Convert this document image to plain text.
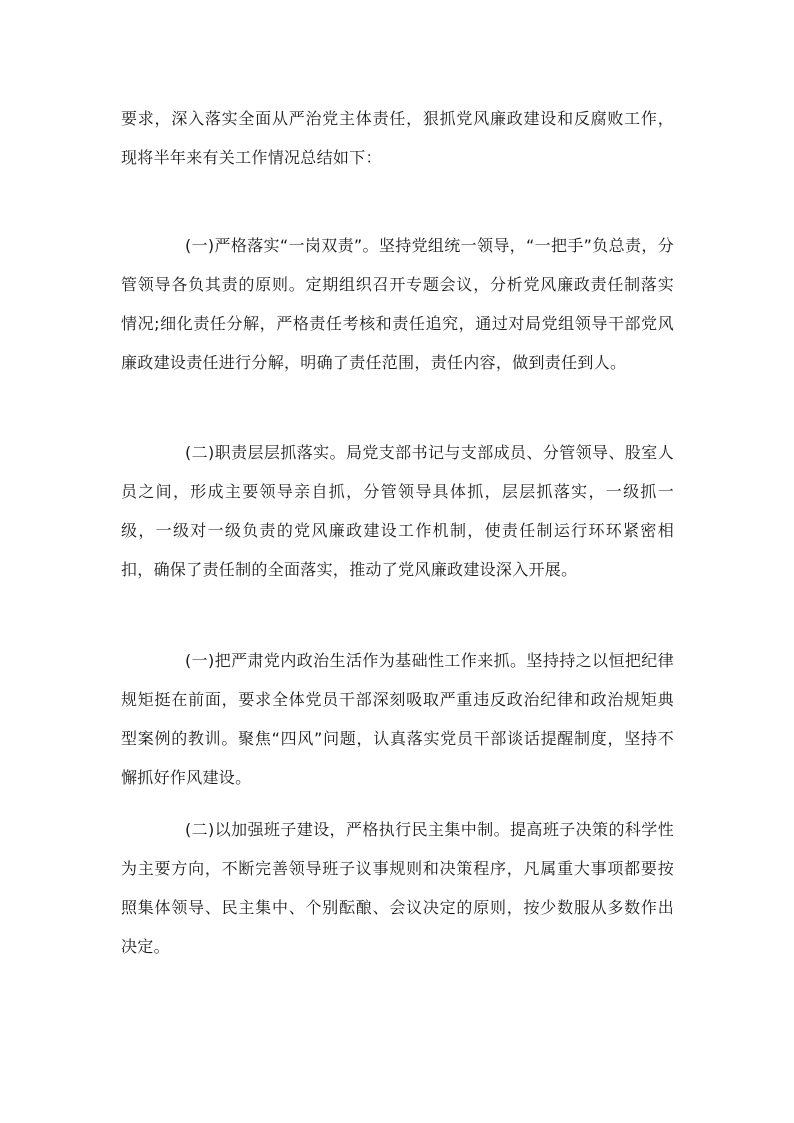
要求，深入落实全面从严治党主体责任，狠抓党风廉政建设和反腐败工作，现将半年来有关工作情况总结如下：

(一)严格落实“一岗双责”。坚持党组统一领导，“一把手”负总责，分管领导各负其责的原则。定期组织召开专题会议，分析党风廉政责任制落实情况;细化责任分解，严格责任考核和责任追究，通过对局党组领导干部党风廉政建设责任进行分解，明确了责任范围，责任内容，做到责任到人。

(二)职责层层抓落实。局党支部书记与支部成员、分管领导、股室人员之间，形成主要领导亲自抓，分管领导具体抓，层层抓落实，一级抓一级，一级对一级负责的党风廉政建设工作机制，使责任制运行环环紧密相扣，确保了责任制的全面落实，推动了党风廉政建设深入开展。

(一)把严肃党内政治生活作为基础性工作来抓。坚持持之以恒把纪律规矩挺在前面，要求全体党员干部深刻吸取严重违反政治纪律和政治规矩典型案例的教训。聚焦“四风”问题，认真落实党员干部谈话提醒制度，坚持不懈抓好作风建设。

(二)以加强班子建设，严格执行民主集中制。提高班子决策的科学性为主要方向，不断完善领导班子议事规则和决策程序，凡属重大事项都要按照集体领导、民主集中、个别酝酿、会议决定的原则，按少数服从多数作出决定。
